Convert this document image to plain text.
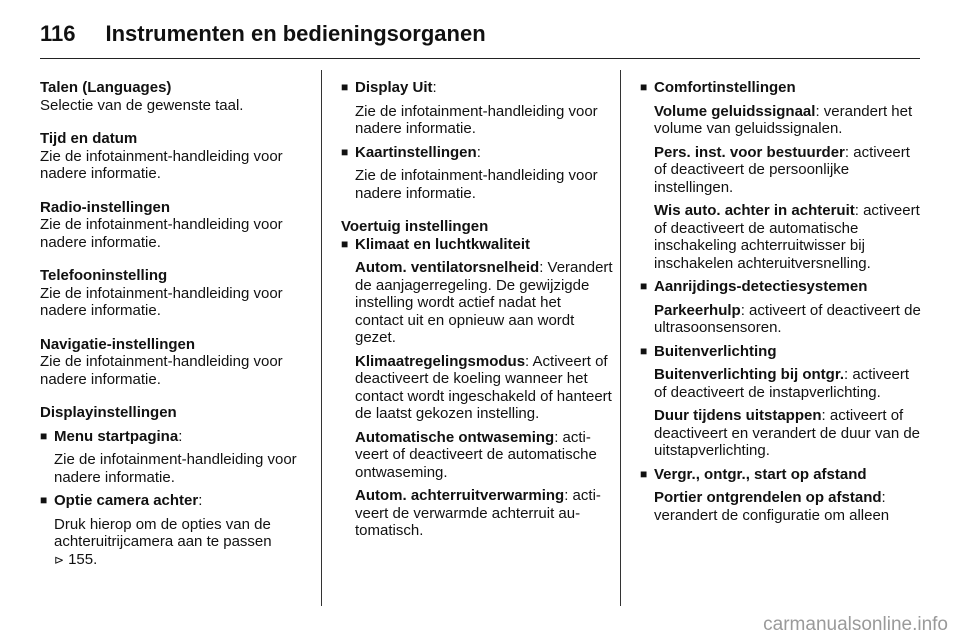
116 Instrumenten en bedieningsorganen
Talen (Languages)
Selectie van de gewenste taal.
Tijd en datum
Zie de infotainment-handleiding voor nadere informatie.
Radio-instellingen
Zie de infotainment-handleiding voor nadere informatie.
Telefooninstelling
Zie de infotainment-handleiding voor nadere informatie.
Navigatie-instellingen
Zie de infotainment-handleiding voor nadere informatie.
Displayinstellingen
■ Menu startpagina:
Zie de infotainment-handleiding voor nadere informatie.
■ Optie camera achter:
Druk hierop om de opties van de achteruitrijcamera aan te passen
⊳ 155.
■ Display Uit:
Zie de infotainment-handleiding voor nadere informatie.
■ Kaartinstellingen:
Zie de infotainment-handleiding voor nadere informatie.
Voertuig instellingen
■ Klimaat en luchtkwaliteit
Autom. ventilatorsnelheid: Verandert de aanjagerregeling. De gewijzigde instelling wordt actief nadat het contact uit en opnieuw aan wordt gezet.
Klimaatregelingsmodus: Activeert of deactiveert de koeling wanneer het contact wordt ingeschakeld of hanteert de laatst gekozen instelling.
Automatische ontwaseming: activeert of deactiveert de automatische ontwaseming.
Autom. achterruitverwarming: activeert de verwarmde achterruit automatisch.
■ Comfortinstellingen
Volume geluidssignaal: verandert het volume van geluidssignalen.
Pers. inst. voor bestuurder: activeert of deactiveert de persoonlijke instellingen.
Wis auto. achter in achteruit: activeert of deactiveert de automatische inschakeling achterruitwisser bij inschakelen achteruitversnelling.
■ Aanrijdings-detectiesystemen
Parkeerhulp: activeert of deactiveert de ultrasoonsensoren.
■ Buitenverlichting
Buitenverlichting bij ontgr.: activeert of deactiveert de instapverlichting.
Duur tijdens uitstappen: activeert of deactiveert en verandert de duur van de uitstapverlichting.
■ Vergr., ontgr., start op afstand
Portier ontgrendelen op afstand: verandert de configuratie om alleen
carmanualsonline.info
